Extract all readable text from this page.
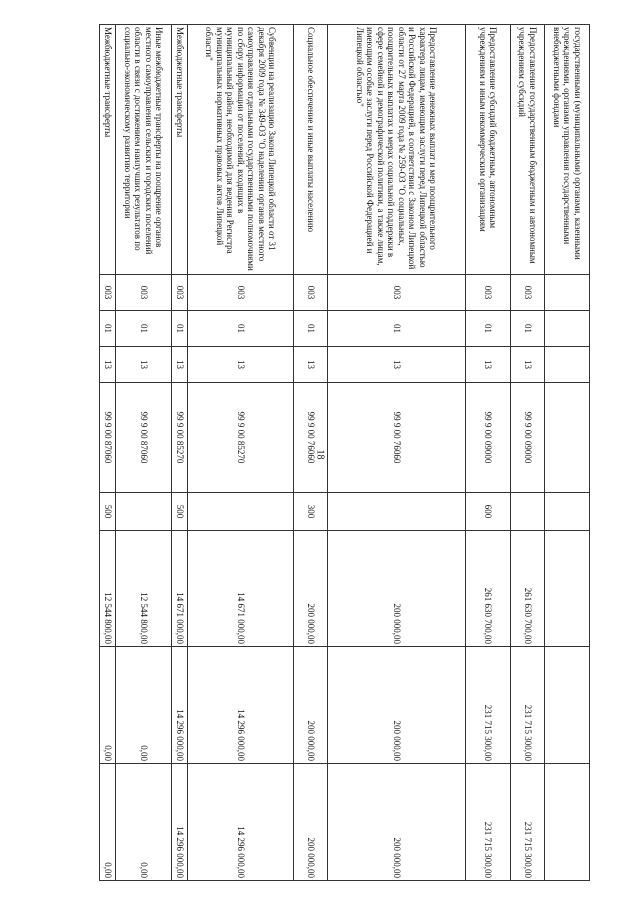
18
государственными (муниципальными) органами, казенными учреждениями, органами управления государственными внебюджетными фондами								
Предоставление государственным бюджетным и автономным учреждениям субсидий	003	01	13	99 9 00 09000		261 630 700,00	231 715 300,00	231 715 300,00
Предоставление субсидий бюджетным, автономным учреждениям и иным некоммерческим организациям	003	01	13	99 9 00 09000	600	261 630 700,00	231 715 300,00	231 715 300,00
Предоставление денежных выплат и мер поощрительного характера лицам, имеющим заслуги перед Липецкой областью и Российской Федерацией, в соответствии с Законом Липецкой области от 27 марта 2009 года № 259-ОЗ "О социальных, поощрительных выплатах и мерах социальной поддержки в сфере семейной и демографической политики, а также лицам, имеющим особые заслуги перед Российской Федерацией и Липецкой областью"	003	01	13	99 9 00 76060		200 000,00	200 000,00	200 000,00
Социальное обеспечение и иные выплаты населению	003	01	13	99 9 00 76060	300	200 000,00	200 000,00	200 000,00
Субвенции на реализацию Закона Липецкой области от 31 декабря 2009 года № 349-ОЗ "О наделении органов местного самоуправления отдельными государственными полномочиями по сбору информации от поселений, входящих в муниципальный район, необходимой для ведения Регистра муниципальных нормативных правовых актов Липецкой области"	003	01	13	99 9 00 85270		14 671 000,00	14 296 000,00	14 296 000,00
Межбюджетные трансферты	003	01	13	99 9 00 85270	500	14 671 000,00	14 296 000,00	14 296 000,00
Иные межбюджетные трансферты на поощрение органов местного самоуправления сельских и городских поселений области в связи с достижением наилучших результатов по социально-экономическому развитию территории	003	01	13	99 9 00 87060		12 544 800,00	0,00	0,00
Межбюджетные трансферты	003	01	13	99 9 00 87060	500	12 544 800,00	0,00	0,00
